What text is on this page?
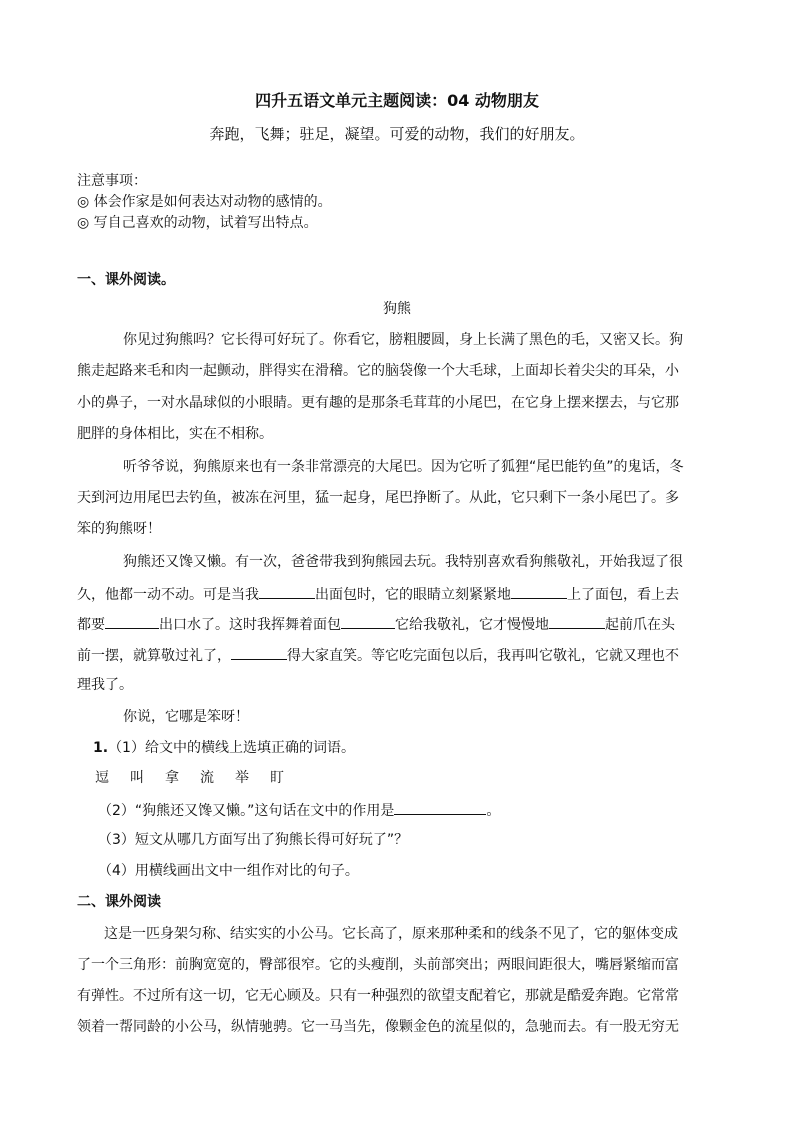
四升五语文单元主题阅读：04 动物朋友
奔跑，飞舞；驻足，凝望。可爱的动物，我们的好朋友。
注意事项：
◎ 体会作家是如何表达对动物的感情的。
◎ 写自己喜欢的动物，试着写出特点。
一、课外阅读。
狗熊
你见过狗熊吗？它长得可好玩了。你看它，膀粗腰圆，身上长满了黑色的毛，又密又长。狗
熊走起路来毛和肉一起颤动，胖得实在滑稽。它的脑袋像一个大毛球，上面却长着尖尖的耳朵，小
小的鼻子，一对水晶球似的小眼睛。更有趣的是那条毛茸茸的小尾巴，在它身上摆来摆去，与它那
肥胖的身体相比，实在不相称。
听爷爷说，狗熊原来也有一条非常漂亮的大尾巴。因为它听了狐狸“尾巴能钓鱼”的鬼话，冬
天到河边用尾巴去钓鱼，被冻在河里，猛一起身，尾巴挣断了。从此，它只剩下一条小尾巴了。多
笨的狗熊呀！
狗熊还又馋又懒。有一次，爸爸带我到狗熊园去玩。我特别喜欢看狗熊敬礼，开始我逗了很
久，他都一动不动。可是当我	出面包时，它的眼睛立刻紧紧地	上了面包，看上去
都要	出口水了。这时我挥舞着面包	它给我敬礼，它才慢慢地	起前爪在头
前一摆，就算敬过礼了，	得大家直笑。等它吃完面包以后，我再叫它敬礼，它就又理也不
理我了。
你说，它哪是笨呀！
1.（1）给文中的横线上选填正确的词语。
逗 叫 拿 流 举 盯
（2）“狗熊还又馋又懒。”这句话在文中的作用是	。
（3）短文从哪几方面写出了狗熊长得可好玩了”？
（4）用横线画出文中一组作对比的句子。
二、课外阅读
这是一匹身架匀称、结实实的小公马。它长高了，原来那种柔和的线条不见了，它的躯体变成
了一个三角形：前胸宽宽的，臀部很窄。它的头瘦削，头前部突出；两眼间距很大，嘴唇紧缩而富
有弹性。不过所有这一切，它无心顾及。只有一种强烈的欲望支配着它，那就是酷爱奔跑。它常常
领着一帮同龄的小公马，纵情驰骋。它一马当先，像颗金色的流星似的，急驰而去。有一股无穷无
